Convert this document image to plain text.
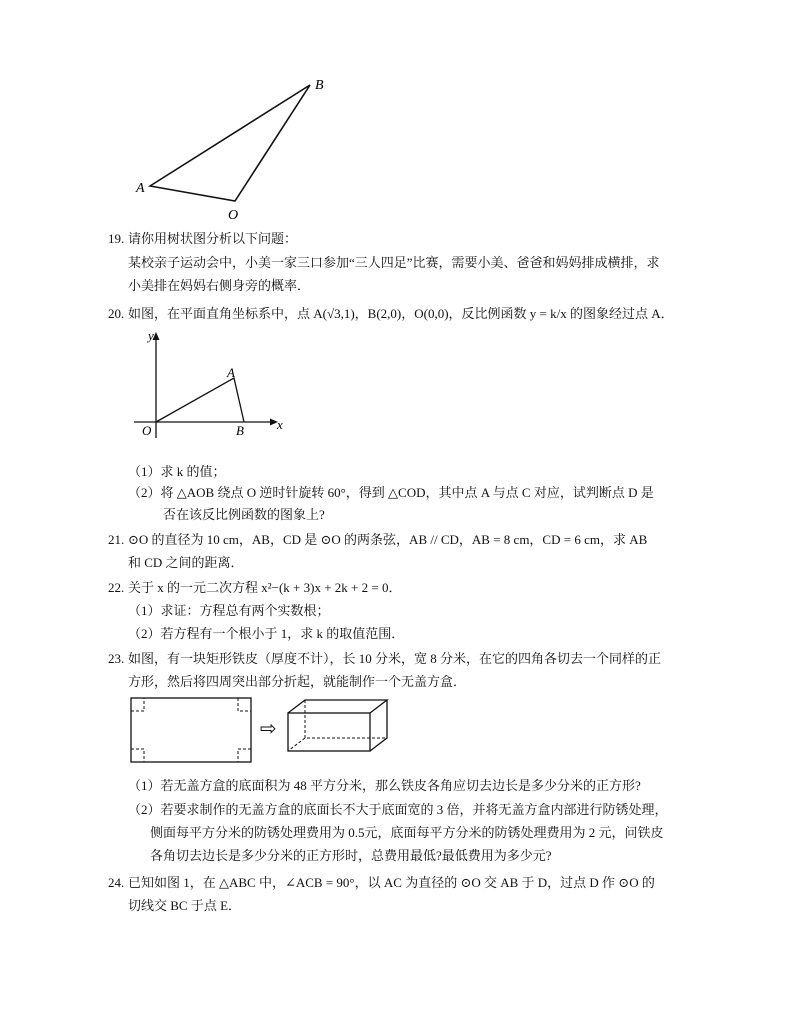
B
A
O
19. 请你用树状图分析以下问题：
某校亲子运动会中，小美一家三口参加“三人四足”比赛，需要小美、爸爸和妈妈排成横排，求
小美排在妈妈右侧身旁的概率．
20. 如图，在平面直角坐标系中，点 A(√3,1)，B(2,0)，O(0,0)，反比例函数 y = k/x 的图象经过点 A．
y
x
O
A
B
（1）求 k 的值；
（2）将 △AOB 绕点 O 逆时针旋转 60°，得到 △COD，其中点 A 与点 C 对应，试判断点 D 是
否在该反比例函数的图象上?
21. ⊙O 的直径为 10 cm，AB，CD 是 ⊙O 的两条弦，AB // CD，AB = 8 cm，CD = 6 cm，求 AB
和 CD 之间的距离．
22. 关于 x 的一元二次方程 x²−(k + 3)x + 2k + 2 = 0．
（1）求证：方程总有两个实数根；
（2）若方程有一个根小于 1，求 k 的取值范围．
23. 如图，有一块矩形铁皮（厚度不计），长 10 分米，宽 8 分米，在它的四角各切去一个同样的正
方形，然后将四周突出部分折起，就能制作一个无盖方盒．
⇨
（1）若无盖方盒的底面积为 48 平方分米，那么铁皮各角应切去边长是多少分米的正方形?
（2）若要求制作的无盖方盒的底面长不大于底面宽的 3 倍，并将无盖方盒内部进行防锈处理，
侧面每平方分米的防锈处理费用为 0.5元，底面每平方分米的防锈处理费用为 2 元，问铁皮
各角切去边长是多少分米的正方形时，总费用最低?最低费用为多少元?
24. 已知如图 1，在 △ABC 中，∠ACB = 90°，以 AC 为直径的 ⊙O 交 AB 于 D，过点 D 作 ⊙O 的
切线交 BC 于点 E．
